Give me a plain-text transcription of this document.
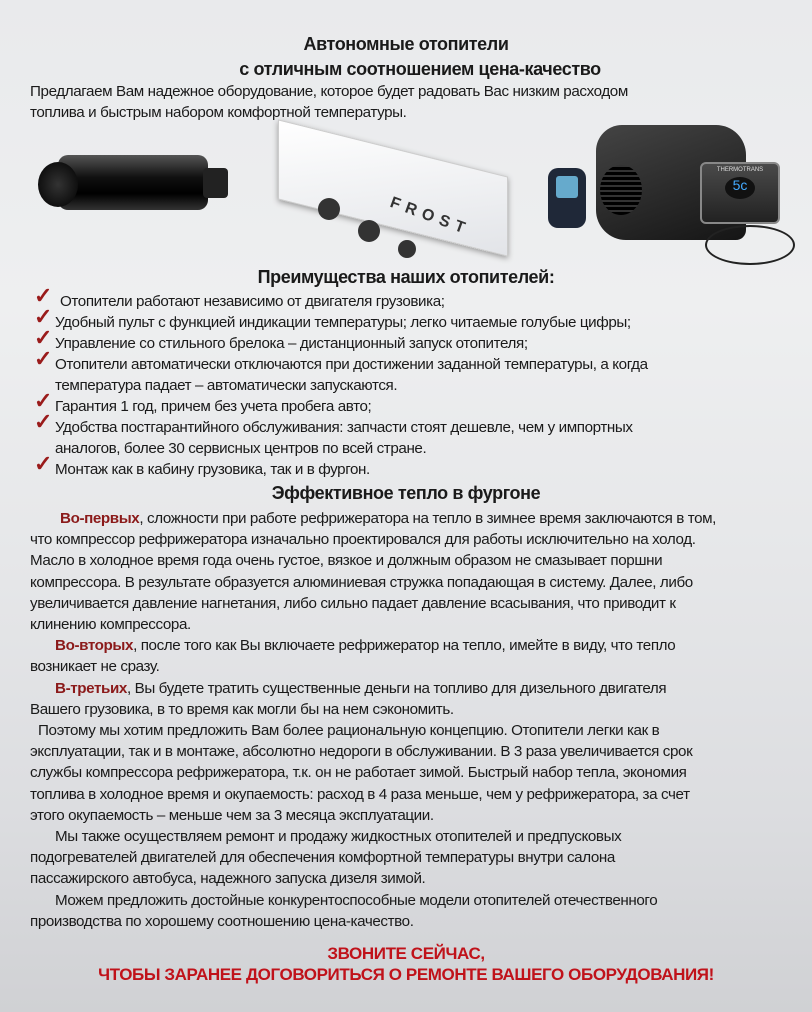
Автономные отопители
с отличным соотношением цена-качество
Предлагаем Вам надежное оборудование, которое будет радовать Вас низким расходом
топлива и быстрым набором комфортной температуры.
FROST
THERMOTRANS
5c
Преимущества наших отопителей:
Эффективное тепло в фургоне
ЗВОНИТЕ СЕЙЧАС,
ЧТОБЫ ЗАРАНЕЕ ДОГОВОРИТЬСЯ О РЕМОНТЕ ВАШЕГО ОБОРУДОВАНИЯ!
✓ Отопители работают независимо от двигателя грузовика;
✓ Удобный пульт с функцией индикации температуры; легко читаемые голубые цифры;
✓ Управление со стильного брелока – дистанционный запуск отопителя;
✓ Отопители автоматически отключаются при достижении заданной температуры, а когда
температура падает – автоматически запускаются.
✓ Гарантия 1 год, причем без учета пробега авто;
✓ Удобства постгарантийного обслуживания: запчасти стоят дешевле, чем у импортных
аналогов, более 30 сервисных центров по всей стране.
✓ Монтаж как в кабину грузовика, так и в фургон.
Во-первых, сложности при работе рефрижератора на тепло в зимнее время заключаются в том,
что компрессор рефрижератора изначально проектировался для работы исключительно на холод.
Масло в холодное время года очень густое, вязкое и должным образом не смазывает поршни
компрессора. В результате образуется алюминиевая стружка попадающая в систему. Далее, либо
увеличивается давление нагнетания, либо сильно падает давление всасывания, что приводит к
клинению компрессора.
Во-вторых, после того как Вы включаете рефрижератор на тепло, имейте в виду, что тепло
возникает не сразу.
В-третьих, Вы будете тратить существенные деньги на топливо для дизельного двигателя
Вашего грузовика, в то время как могли бы на нем сэкономить.
Поэтому мы хотим предложить Вам более рациональную концепцию. Отопители легки как в
эксплуатации, так и в монтаже, абсолютно недороги в обслуживании. В 3 раза увеличивается срок
службы компрессора рефрижератора, т.к. он не работает зимой. Быстрый набор тепла, экономия
топлива в холодное время и окупаемость: расход в 4 раза меньше, чем у рефрижератора, за счет
этого окупаемость – меньше чем за 3 месяца эксплуатации.
Мы также осуществляем ремонт и продажу жидкостных отопителей и предпусковых
подогревателей двигателей для обеспечения комфортной температуры внутри салона
пассажирского автобуса, надежного запуска дизеля зимой.
Можем предложить достойные конкурентоспособные модели отопителей отечественного
производства по хорошему соотношению цена-качество.
